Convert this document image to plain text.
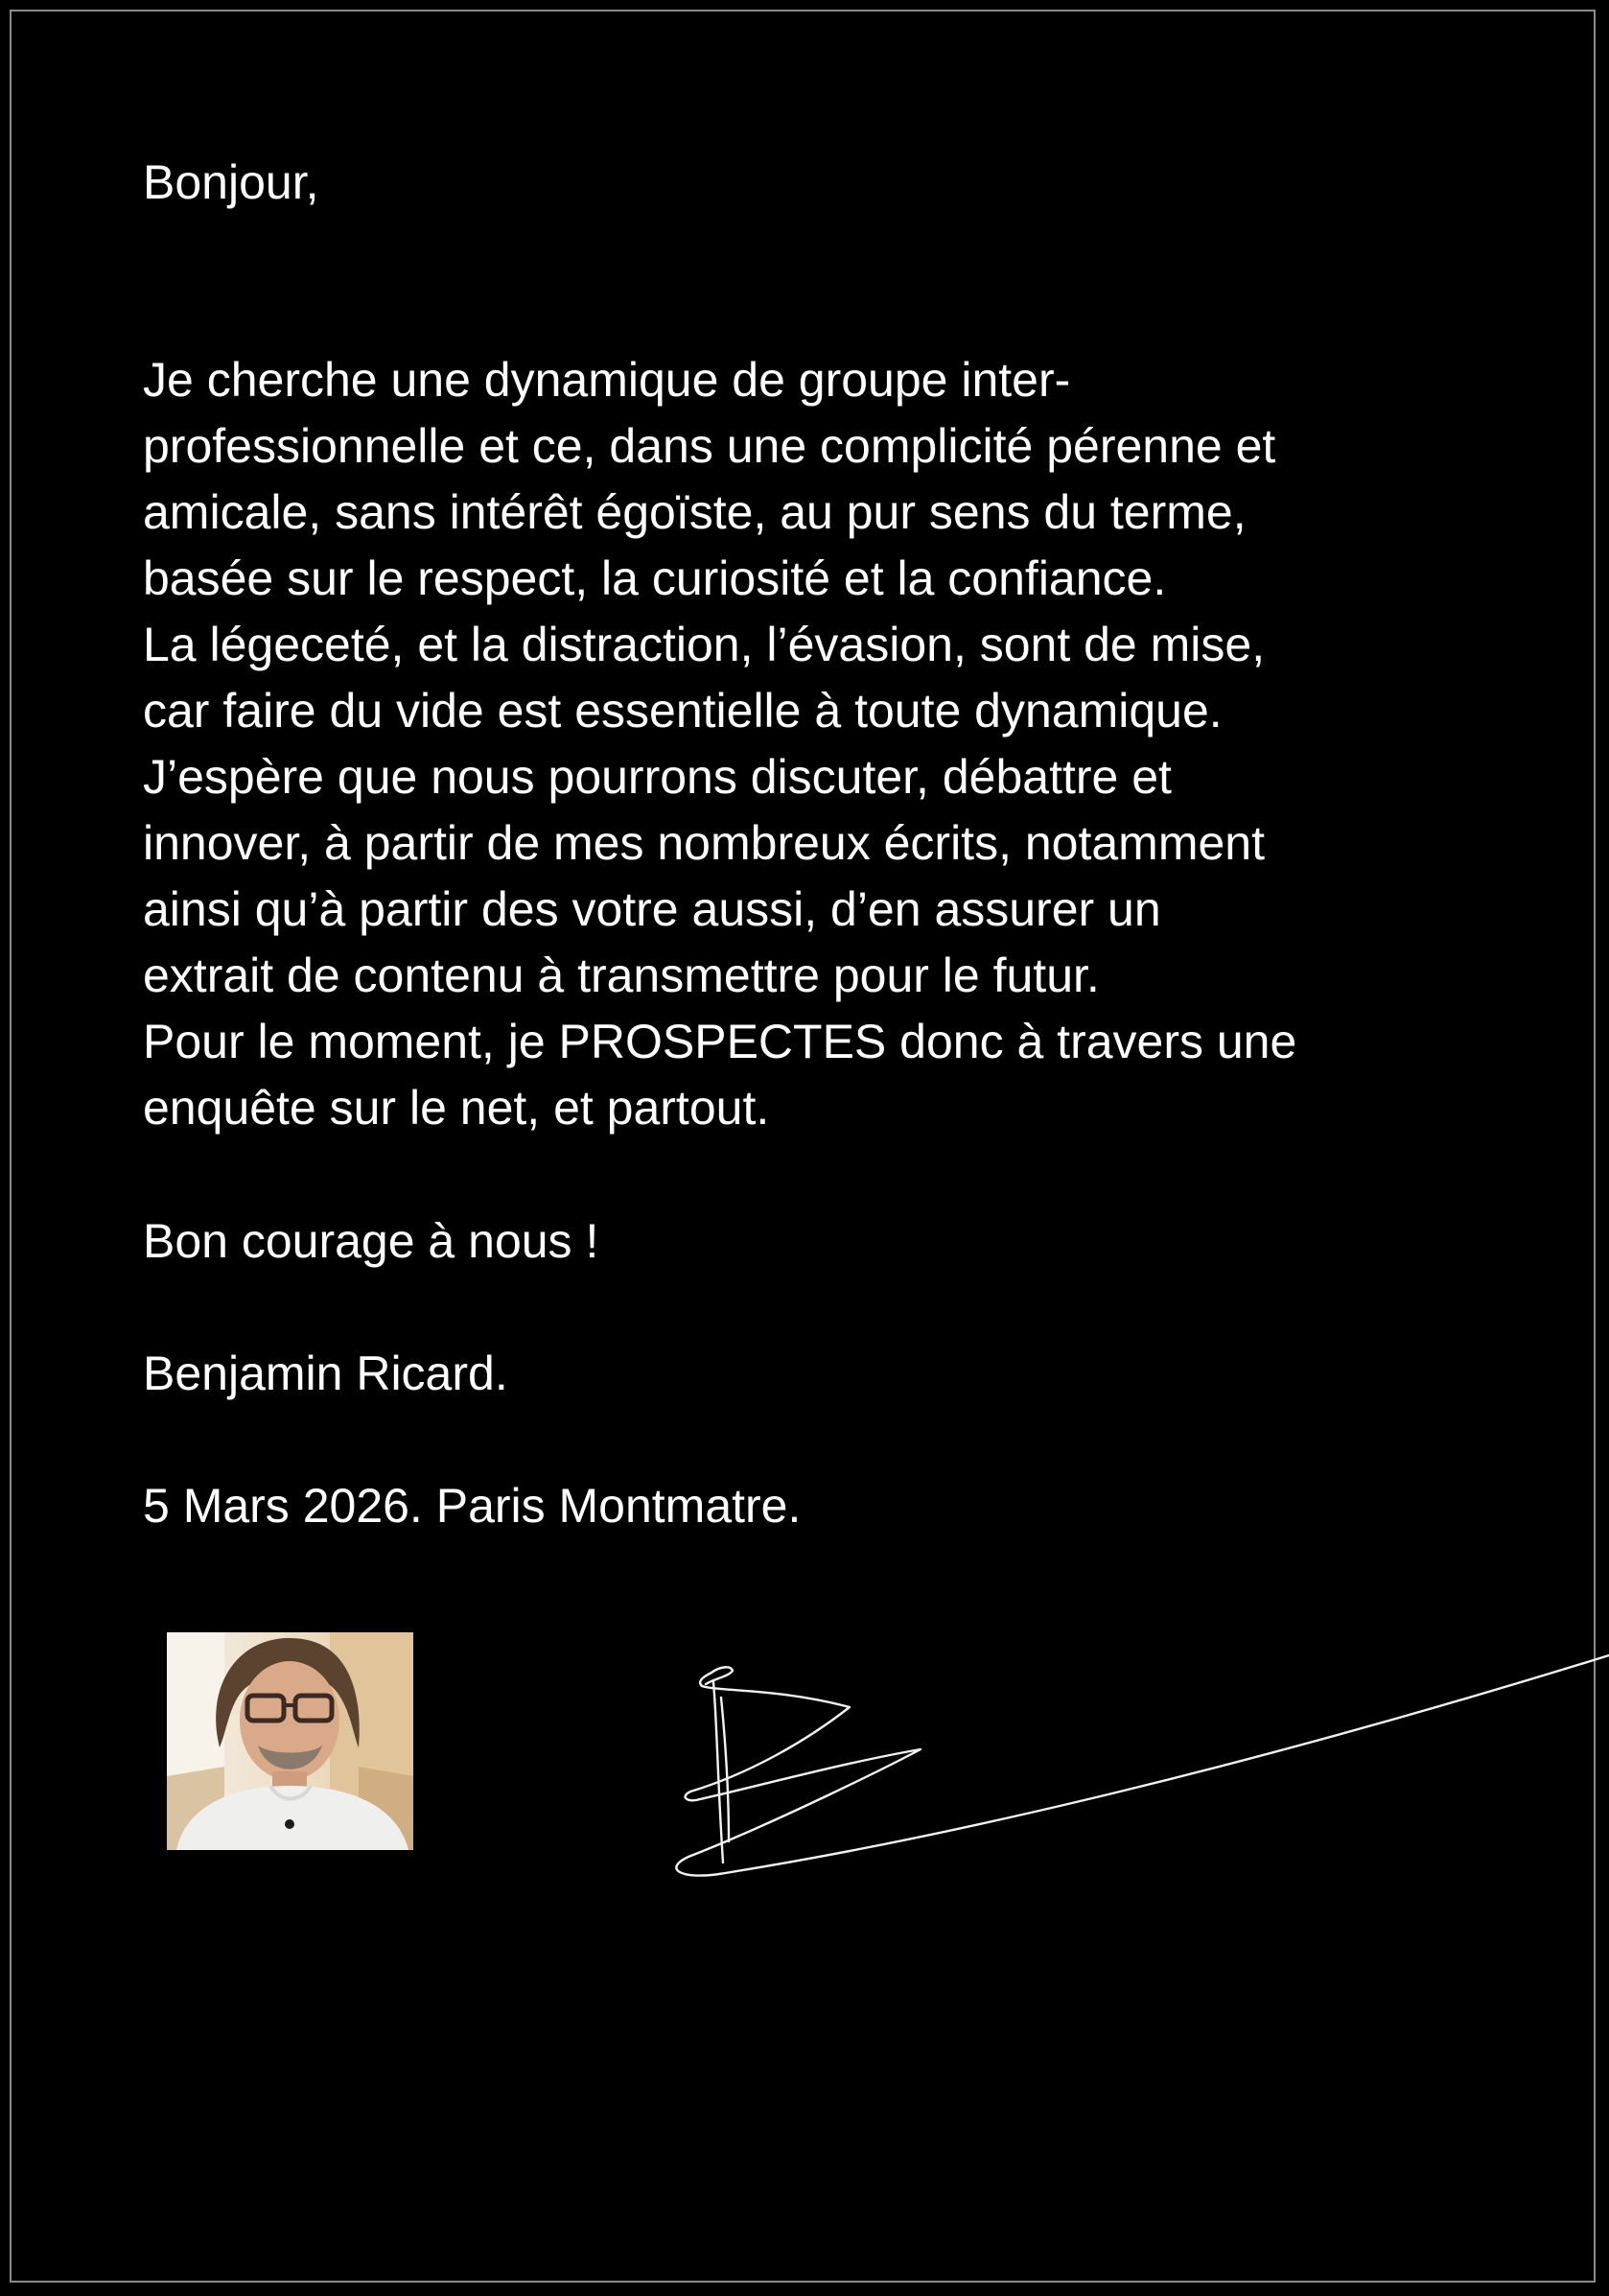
Bonjour,
Je cherche une dynamique de groupe inter-
professionnelle et ce, dans une complicité pérenne et
amicale, sans intérêt égoïste, au pur sens du terme,
basée sur le respect, la curiosité et la confiance.
La légeceté, et la distraction, l’évasion, sont de mise,
car faire du vide est essentielle à toute dynamique.
J’espère que nous pourrons discuter, débattre et
innover, à partir de mes nombreux écrits, notamment
ainsi qu’à partir des votre aussi, d’en assurer un
extrait de contenu à transmettre pour le futur.
Pour le moment, je PROSPECTES donc à travers une
enquête sur le net, et partout.
Bon courage à nous !
Benjamin Ricard.
5 Mars 2026. Paris Montmatre.
